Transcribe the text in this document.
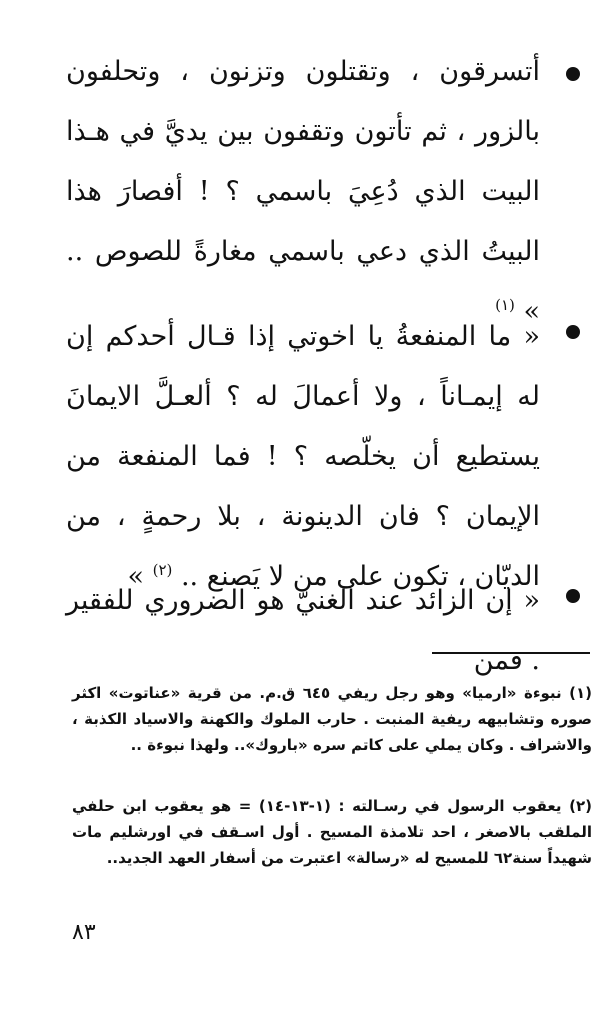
أتسرقون ، وتقتلون وتزنون ، وتحلفون بالزور ، ثم تأتون وتقفون بين يديَّ في هـذا البيت الذي دُعِيَ باسمي ؟ ! أفصارَ هذا البيتُ الذي دعي باسمي مغارةً للصوص .. » $^{(١)}$

« ما المنفعةُ يا اخوتي إذا قـال أحدكم إن له إيمـاناً ، ولا أعمالَ له ؟ ألعـلَّ الايمانَ يستطيع أن يخلّصه ؟ ! فما المنفعة من الإيمان ؟ فان الدينونة ، بلا رحمةٍ ، من الديّان ، تكون على من لا يَصنع .. $^{(٢)}$ »

« إن الزائد عند الغنيّ هو الضروري للفقير . فمن

(١) نبوءة «ارميا» وهو رجل ريفي ٦٤٥ ق.م. من قرية «عناتوت» اكثر صوره وتشابيهه ريفية المنبت . حارب الملوك والكهنة والاسياد الكذبة ، والاشراف . وكان يملي على كاتم سره «باروك».. ولهذا نبوءة ..

(٢) يعقوب الرسول في رسـالته : (١-١٣-١٤) = هو يعقوب ابن حلفي الملقب بالاصغر ، احد تلامذة المسيح . أول اسـقف في اورشليم مات شهيداً سنة٦٢ للمسيح له «رسالة» اعتبرت من أسفار العهد الجديد..

٨٣
